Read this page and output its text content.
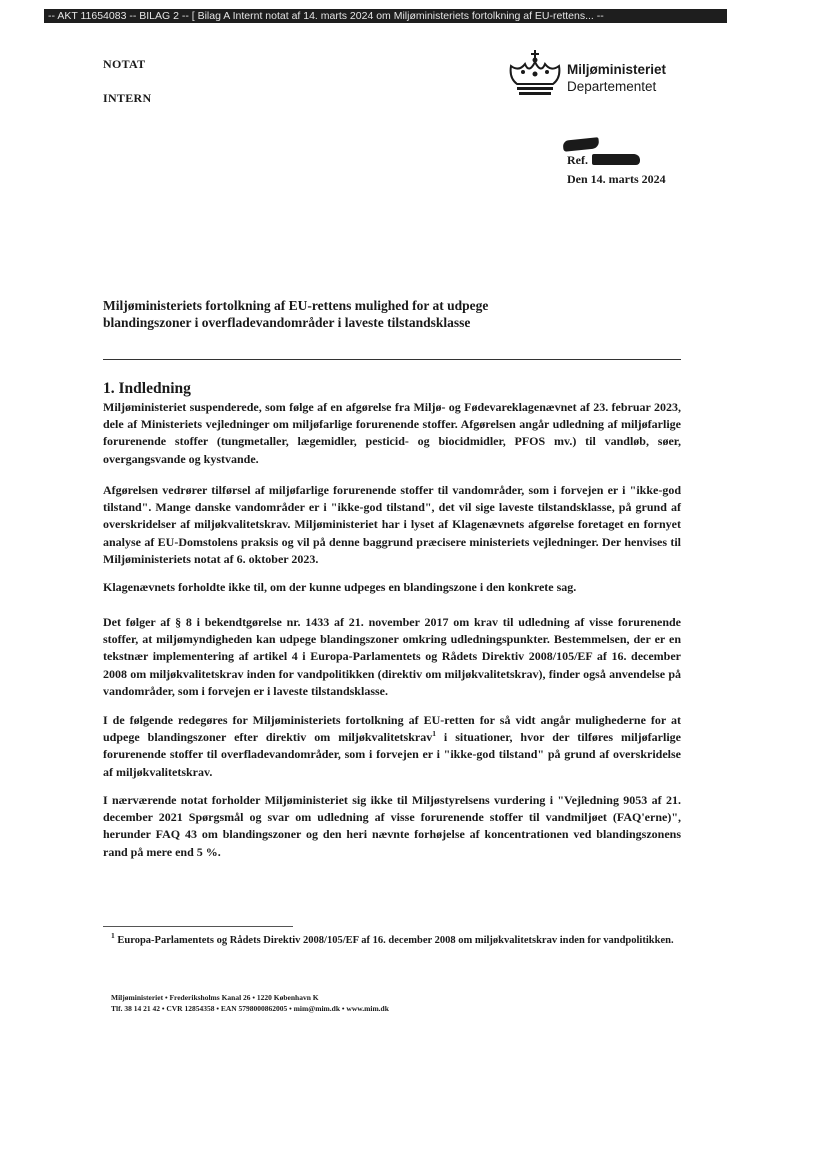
-- AKT 11654083 -- BILAG 2 -- [ Bilag A Internt notat af 14. marts 2024 om Miljøministeriets fortolkning af EU-rettens... --
NOTAT
INTERN
Miljøministeriet
Departementet
Ref.
Den 14. marts 2024
Miljøministeriets fortolkning af EU-rettens mulighed for at udpege blandingszoner i overfladevandområder i laveste tilstandsklasse
1. Indledning

Miljøministeriet suspenderede, som følge af en afgørelse fra Miljø- og Fødevareklagenævnet af 23. februar 2023, dele af Ministeriets vejledninger om miljøfarlige forurenende stoffer. Afgørelsen angår udledning af miljøfarlige forurenende stoffer (tungmetaller, lægemidler, pesticid- og biocidmidler, PFOS mv.) til vandløb, søer, overgangsvande og kystvande.

Afgørelsen vedrører tilførsel af miljøfarlige forurenende stoffer til vandområder, som i forvejen er i "ikke-god tilstand". Mange danske vandområder er i "ikke-god tilstand", det vil sige laveste tilstandsklasse, på grund af overskridelser af miljøkvalitetskrav. Miljøministeriet har i lyset af Klagenævnets afgørelse foretaget en fornyet analyse af EU-Domstolens praksis og vil på denne baggrund præcisere ministeriets vejledninger. Der henvises til Miljøministeriets notat af 6. oktober 2023.

Klagenævnets forholdte ikke til, om der kunne udpeges en blandingszone i den konkrete sag.

Det følger af § 8 i bekendtgørelse nr. 1433 af 21. november 2017 om krav til udledning af visse forurenende stoffer, at miljømyndigheden kan udpege blandingszoner omkring udledningspunkter. Bestemmelsen, der er en tekstnær implementering af artikel 4 i Europa-Parlamentets og Rådets Direktiv 2008/105/EF af 16. december 2008 om miljøkvalitetskrav inden for vandpolitikken (direktiv om miljøkvalitetskrav), finder også anvendelse på vandområder, som i forvejen er i laveste tilstandsklasse.

I de følgende redegøres for Miljøministeriets fortolkning af EU-retten for så vidt angår mulighederne for at udpege blandingszoner efter direktiv om miljøkvalitetskrav$^1$ i situationer, hvor der tilføres miljøfarlige forurenende stoffer til overfladevandområder, som i forvejen er i "ikke-god tilstand" på grund af overskridelse af miljøkvalitetskrav.

I nærværende notat forholder Miljøministeriet sig ikke til Miljøstyrelsens vurdering i "Vejledning 9053 af 21. december 2021 Spørgsmål og svar om udledning af visse forurenende stoffer til vandmiljøet (FAQ'erne)", herunder FAQ 43 om blandingszoner og den heri nævnte forhøjelse af koncentrationen ved blandingszonens rand på mere end 5 %.

$^1$ Europa-Parlamentets og Rådets Direktiv 2008/105/EF af 16. december 2008 om miljøkvalitetskrav inden for vandpolitikken.

Miljøministeriet • Frederiksholms Kanal 26 • 1220 København K
Tlf. 38 14 21 42 • CVR 12854358 • EAN 5798000862005 • mim@mim.dk • www.mim.dk
